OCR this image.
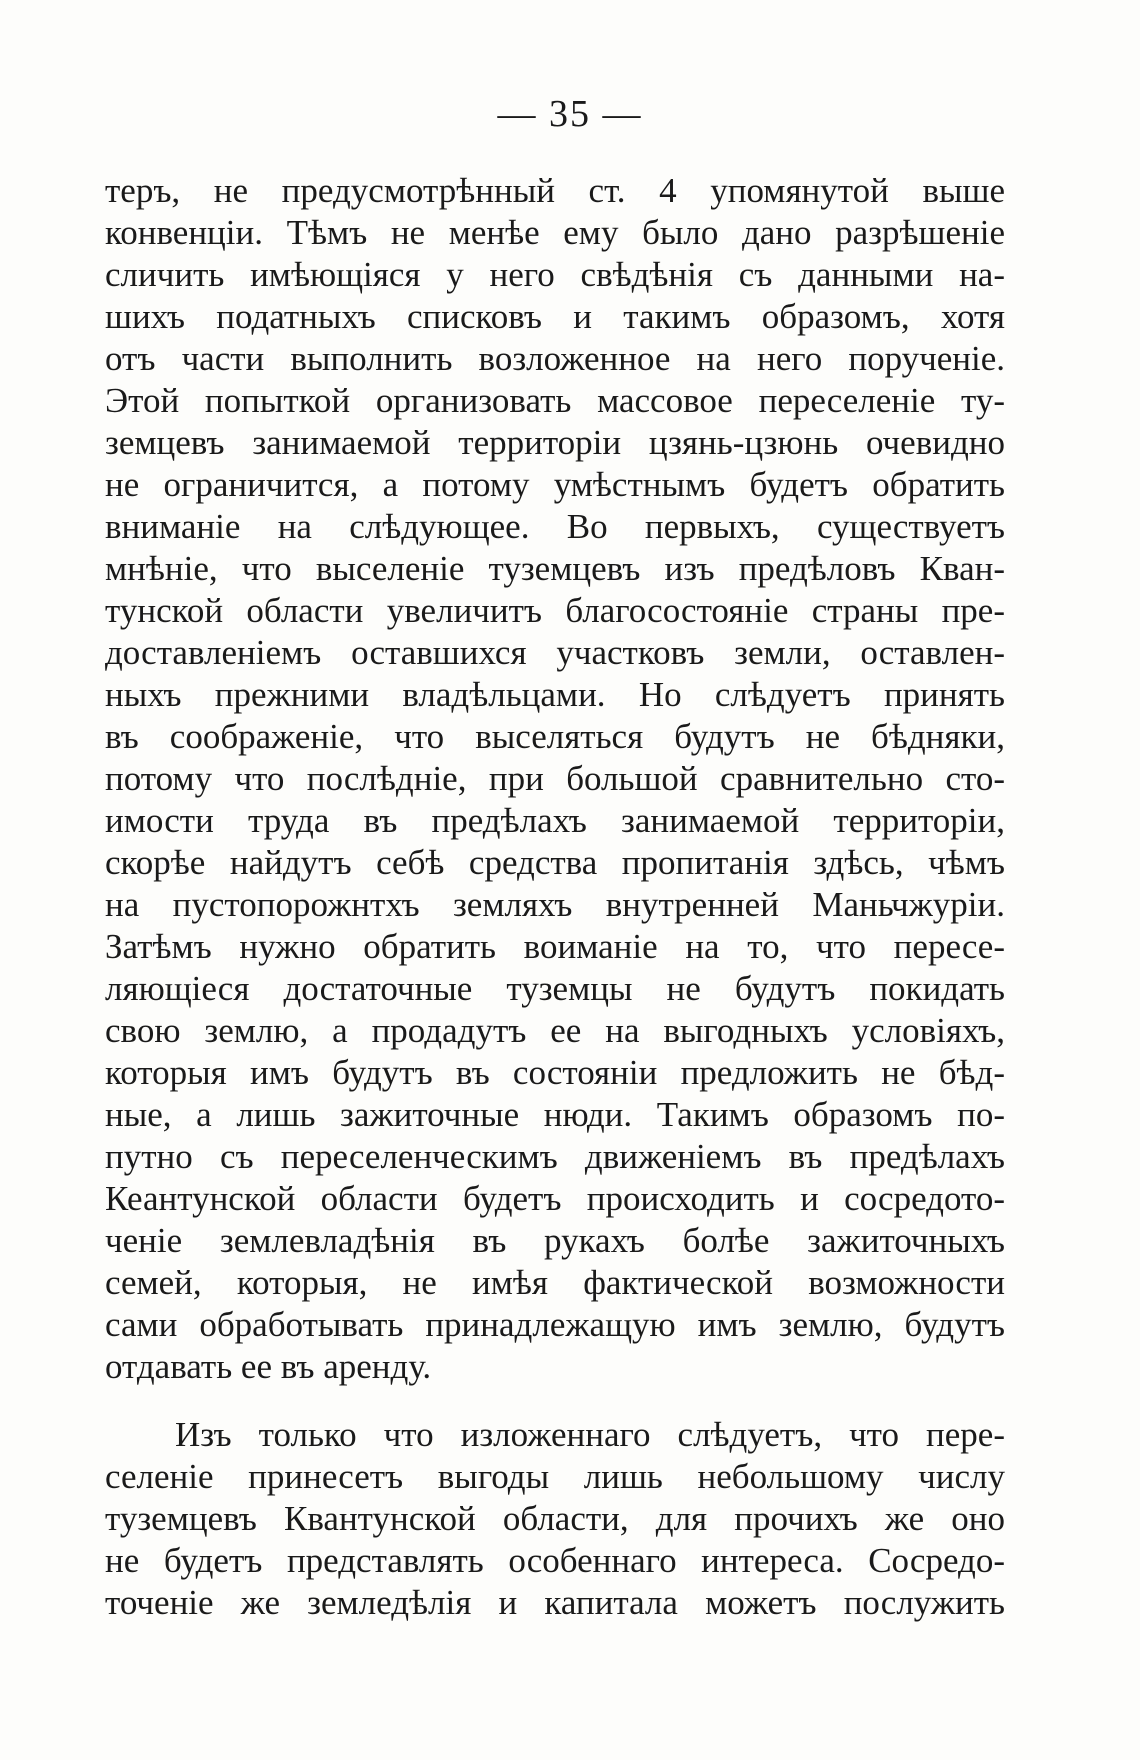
— 35 —
теръ, не предусмотрѣнный ст. 4 упомянутой выше
конвенціи. Тѣмъ не менѣе ему было дано разрѣшеніе
сличить имѣющіяся у него свѣдѣнія съ данными на-
шихъ податныхъ списковъ и такимъ образомъ, хотя
отъ части выполнить возложенное на него порученіе.
Этой попыткой организовать массовое переселеніе ту-
земцевъ занимаемой территоріи цзянь-цзюнь очевидно
не ограничится, а потому умѣстнымъ будетъ обратить
вниманіе на слѣдующее. Во первыхъ, существуетъ
мнѣніе, что выселеніе туземцевъ изъ предѣловъ Кван-
тунской области увеличитъ благосостояніе страны пре-
доставленіемъ оставшихся участковъ земли, оставлен-
ныхъ прежними владѣльцами. Но слѣдуетъ принять
въ соображеніе, что выселяться будутъ не бѣдняки,
потому что послѣдніе, при большой сравнительно сто-
имости труда въ предѣлахъ занимаемой территоріи,
скорѣе найдутъ себѣ средства пропитанія здѣсь, чѣмъ
на пустопорожнтхъ земляхъ внутренней Маньчжуріи.
Затѣмъ нужно обратить воиманіе на то, что пересе-
ляющіеся достаточные туземцы не будутъ покидать
свою землю, а продадутъ ее на выгодныхъ условіяхъ,
которыя имъ будутъ въ состояніи предложить не бѣд-
ные, а лишь зажиточные нюди. Такимъ образомъ по-
путно съ переселенческимъ движеніемъ въ предѣлахъ
Кеантунской области будетъ происходить и сосредото-
ченіе землевладѣнія въ рукахъ болѣе зажиточныхъ
семей, которыя, не имѣя фактической возможности
сами обработывать принадлежащую имъ землю, будутъ
отдавать ее въ аренду.
Изъ только что изложеннаго слѣдуетъ, что пере-
селеніе принесетъ выгоды лишь небольшому числу
туземцевъ Квантунской области, для прочихъ же оно
не будетъ представлять особеннаго интереса. Сосредо-
точеніе же земледѣлія и капитала можетъ послужить
